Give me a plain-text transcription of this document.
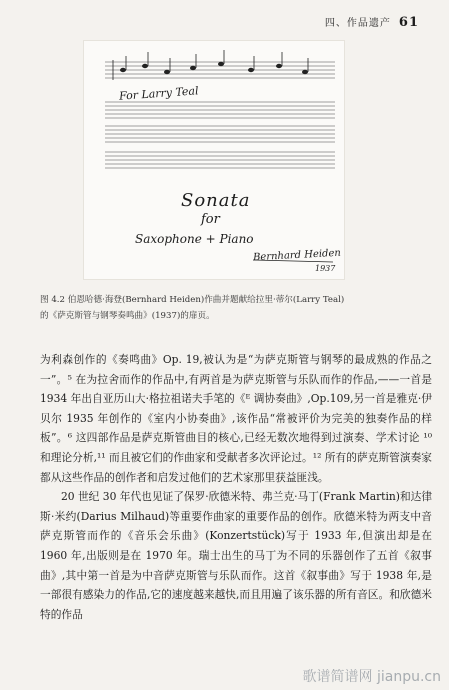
四、作品遗产 61
For Larry Teal
Sonata
for
Saxophone + Piano
Bernhard Heiden
1937
图 4.2 伯恩哈德·海登(Bernhard Heiden)作曲并题献给拉里·蒂尔(Larry Teal)
的《萨克斯管与钢琴奏鸣曲》(1937)的扉页。

为利森创作的《奏鸣曲》Op. 19,被认为是“为萨克斯管与钢琴的最成熟的作品之一”。⁵ 在为拉舍而作的作品中,有两首是为萨克斯管与乐队而作的作品,——一首是 1934 年出自亚历山大·格拉祖诺夫手笔的《ᴱ 调协奏曲》,Op.109,另一首是雅克·伊贝尔 1935 年创作的《室内小协奏曲》,该作品“常被评价为完美的独奏作品的样板”。⁶ 这四部作品是萨克斯管曲目的核心,已经无数次地得到过演奏、学术讨论 ¹⁰ 和理论分析,¹¹ 而且被它们的作曲家和受献者多次评论过。¹² 所有的萨克斯管演奏家都从这些作品的创作者和启发过他们的艺术家那里获益匪浅。

20 世纪 30 年代也见证了保罗·欣德米特、弗兰克·马丁(Frank Martin)和达律斯·米约(Darius Milhaud)等重要作曲家的重要作品的创作。欣德米特为两支中音萨克斯管而作的《音乐会乐曲》(Konzertstück)写于 1933 年,但演出却是在 1960 年,出版则是在 1970 年。瑞士出生的马丁为不同的乐器创作了五首《叙事曲》,其中第一首是为中音萨克斯管与乐队而作。这首《叙事曲》写于 1938 年,是一部很有感染力的作品,它的速度越来越快,而且用遍了该乐器的所有音区。和欣德米特的作品

歌谱简谱网 jianpu.cn
